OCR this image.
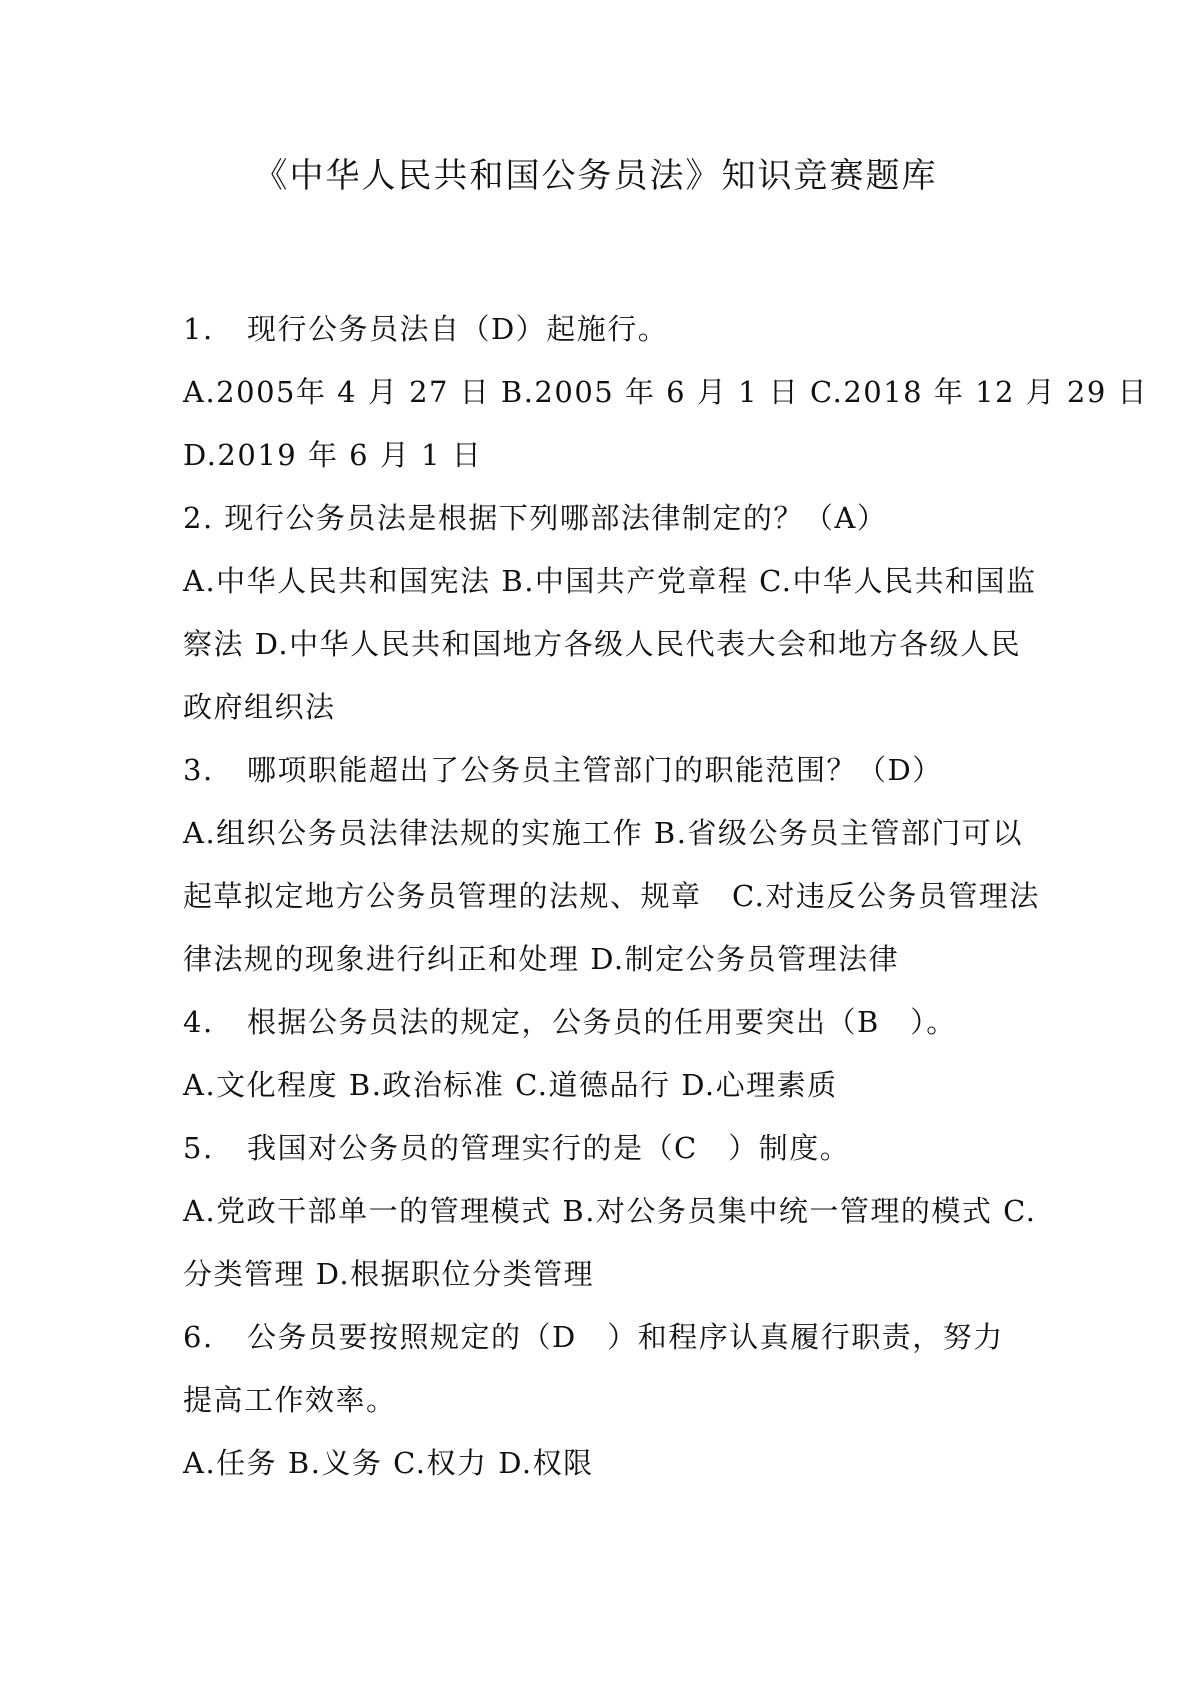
《中华人民共和国公务员法》知识竞赛题库
1. 现行公务员法自（D）起施行。
A.2005年 4 月 27 日 B.2005 年 6 月 1 日 C.2018 年 12 月 29 日
D.2019 年 6 月 1 日
2. 现行公务员法是根据下列哪部法律制定的？（A）
A.中华人民共和国宪法 B.中国共产党章程 C.中华人民共和国监
察法 D.中华人民共和国地方各级人民代表大会和地方各级人民
政府组织法
3. 哪项职能超出了公务员主管部门的职能范围？（D）
A.组织公务员法律法规的实施工作 B.省级公务员主管部门可以
起草拟定地方公务员管理的法规、规章　C.对违反公务员管理法
律法规的现象进行纠正和处理 D.制定公务员管理法律
4. 根据公务员法的规定，公务员的任用要突出（B　）。
A.文化程度 B.政治标准 C.道德品行 D.心理素质
5. 我国对公务员的管理实行的是（C　）制度。
A.党政干部单一的管理模式 B.对公务员集中统一管理的模式 C.
分类管理 D.根据职位分类管理
6. 公务员要按照规定的（D　）和程序认真履行职责，努力
提高工作效率。
A.任务 B.义务 C.权力 D.权限
